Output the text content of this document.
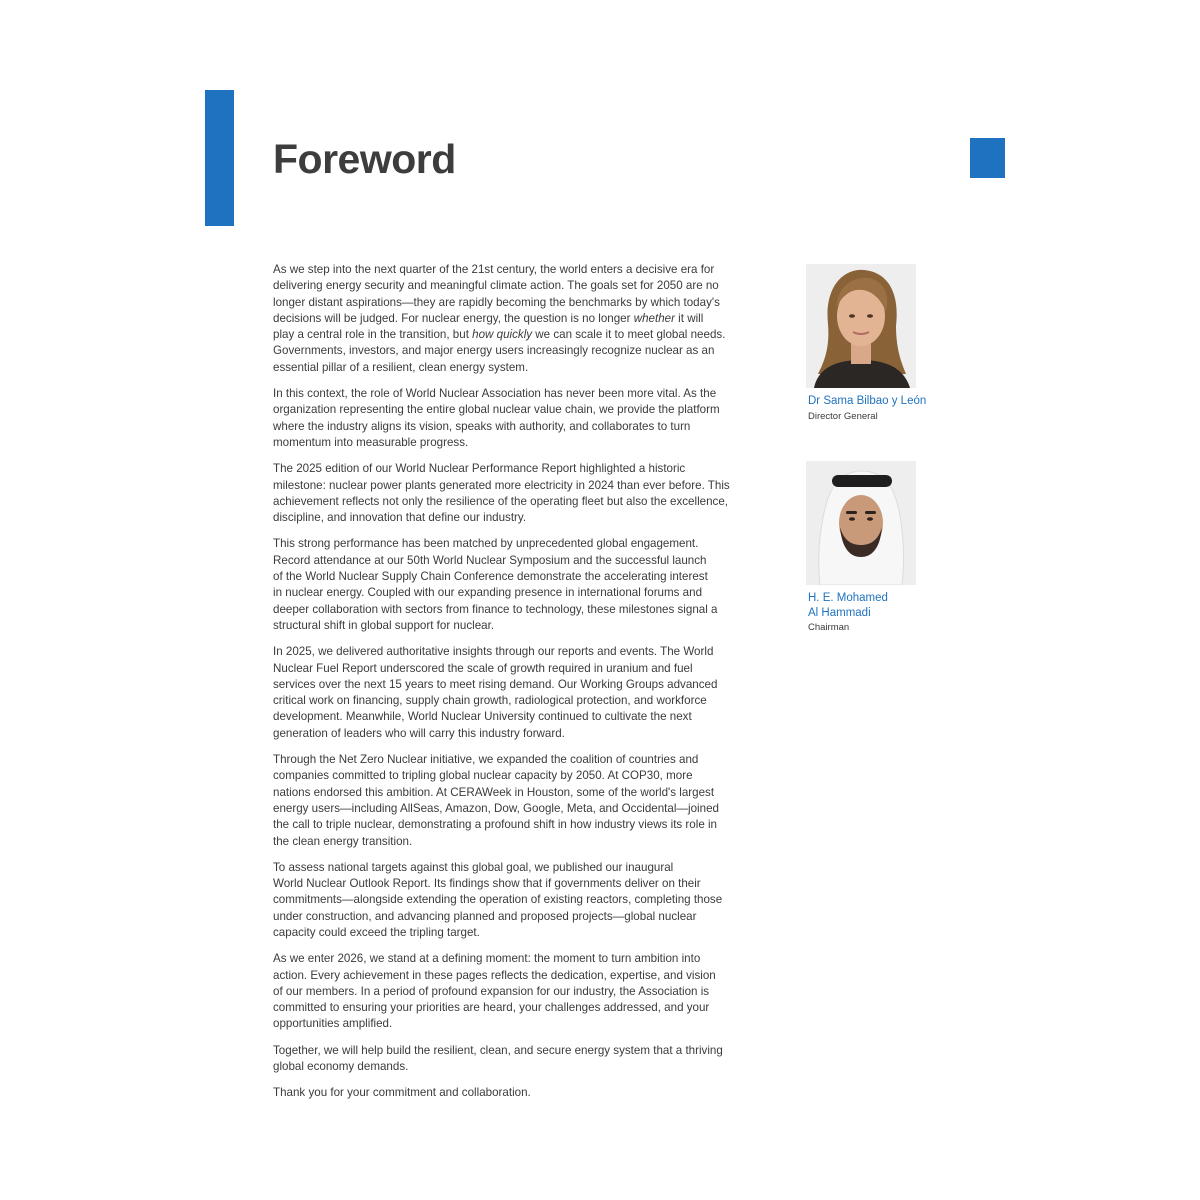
Foreword

As we step into the next quarter of the 21st century, the world enters a decisive era for
delivering energy security and meaningful climate action. The goals set for 2050 are no
longer distant aspirations—they are rapidly becoming the benchmarks by which today's
decisions will be judged. For nuclear energy, the question is no longer whether it will
play a central role in the transition, but how quickly we can scale it to meet global needs.
Governments, investors, and major energy users increasingly recognize nuclear as an
essential pillar of a resilient, clean energy system.

In this context, the role of World Nuclear Association has never been more vital. As the
organization representing the entire global nuclear value chain, we provide the platform
where the industry aligns its vision, speaks with authority, and collaborates to turn
momentum into measurable progress.

The 2025 edition of our World Nuclear Performance Report highlighted a historic
milestone: nuclear power plants generated more electricity in 2024 than ever before. This
achievement reflects not only the resilience of the operating fleet but also the excellence,
discipline, and innovation that define our industry.

This strong performance has been matched by unprecedented global engagement.
Record attendance at our 50th World Nuclear Symposium and the successful launch
of the World Nuclear Supply Chain Conference demonstrate the accelerating interest
in nuclear energy. Coupled with our expanding presence in international forums and
deeper collaboration with sectors from finance to technology, these milestones signal a
structural shift in global support for nuclear.

In 2025, we delivered authoritative insights through our reports and events. The World
Nuclear Fuel Report underscored the scale of growth required in uranium and fuel
services over the next 15 years to meet rising demand. Our Working Groups advanced
critical work on financing, supply chain growth, radiological protection, and workforce
development. Meanwhile, World Nuclear University continued to cultivate the next
generation of leaders who will carry this industry forward.

Through the Net Zero Nuclear initiative, we expanded the coalition of countries and
companies committed to tripling global nuclear capacity by 2050. At COP30, more
nations endorsed this ambition. At CERAWeek in Houston, some of the world's largest
energy users—including AllSeas, Amazon, Dow, Google, Meta, and Occidental—joined
the call to triple nuclear, demonstrating a profound shift in how industry views its role in
the clean energy transition.

To assess national targets against this global goal, we published our inaugural
World Nuclear Outlook Report. Its findings show that if governments deliver on their
commitments—alongside extending the operation of existing reactors, completing those
under construction, and advancing planned and proposed projects—global nuclear
capacity could exceed the tripling target.

As we enter 2026, we stand at a defining moment: the moment to turn ambition into
action. Every achievement in these pages reflects the dedication, expertise, and vision
of our members. In a period of profound expansion for our industry, the Association is
committed to ensuring your priorities are heard, your challenges addressed, and your
opportunities amplified.

Together, we will help build the resilient, clean, and secure energy system that a thriving
global economy demands.

Thank you for your commitment and collaboration.

Dr Sama Bilbao y León

Director General

H. E. Mohamed
Al Hammadi

Chairman
